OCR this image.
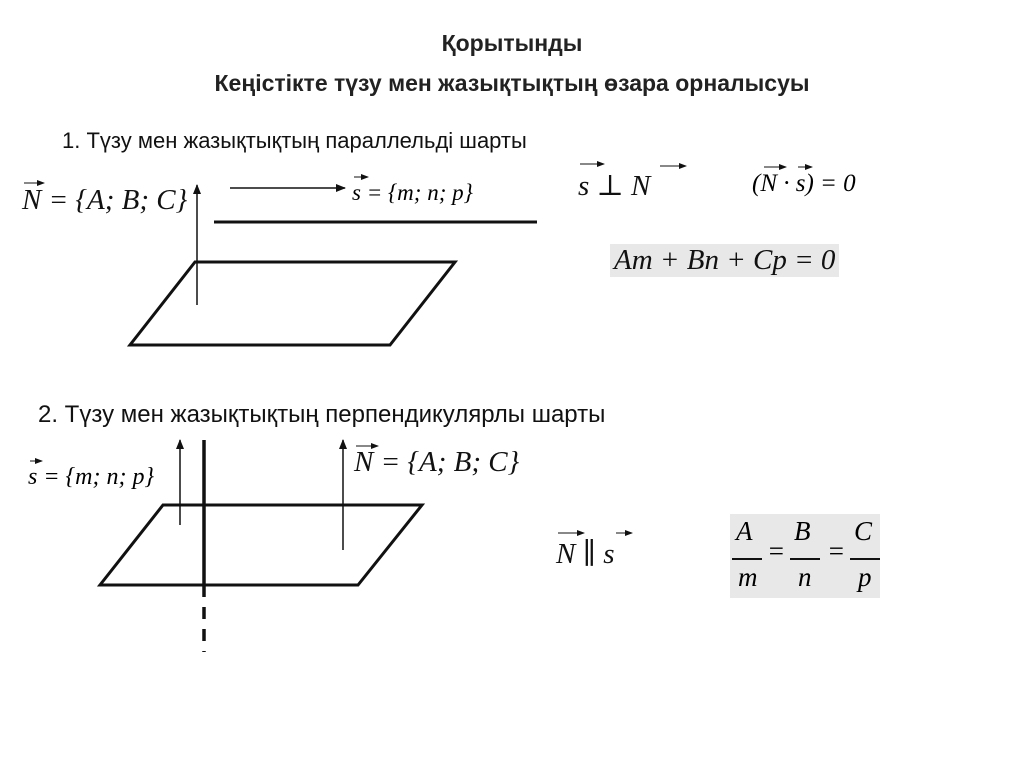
Қорытынды
Кеңістікте түзу мен жазықтықтың өзара орналысуы
1. Түзу мен жазықтықтың параллельді шарты
N = {A; B; C}	s = {m; n; p}	s ⊥ N	(N · s) = 0
Am + Bn + Cp = 0
2. Түзу мен жазықтықтың перпендикулярлы шарты
s = {m; n; p}	N = {A; B; C}
N ∥ s
A
m
=
B
n
=
C
p
